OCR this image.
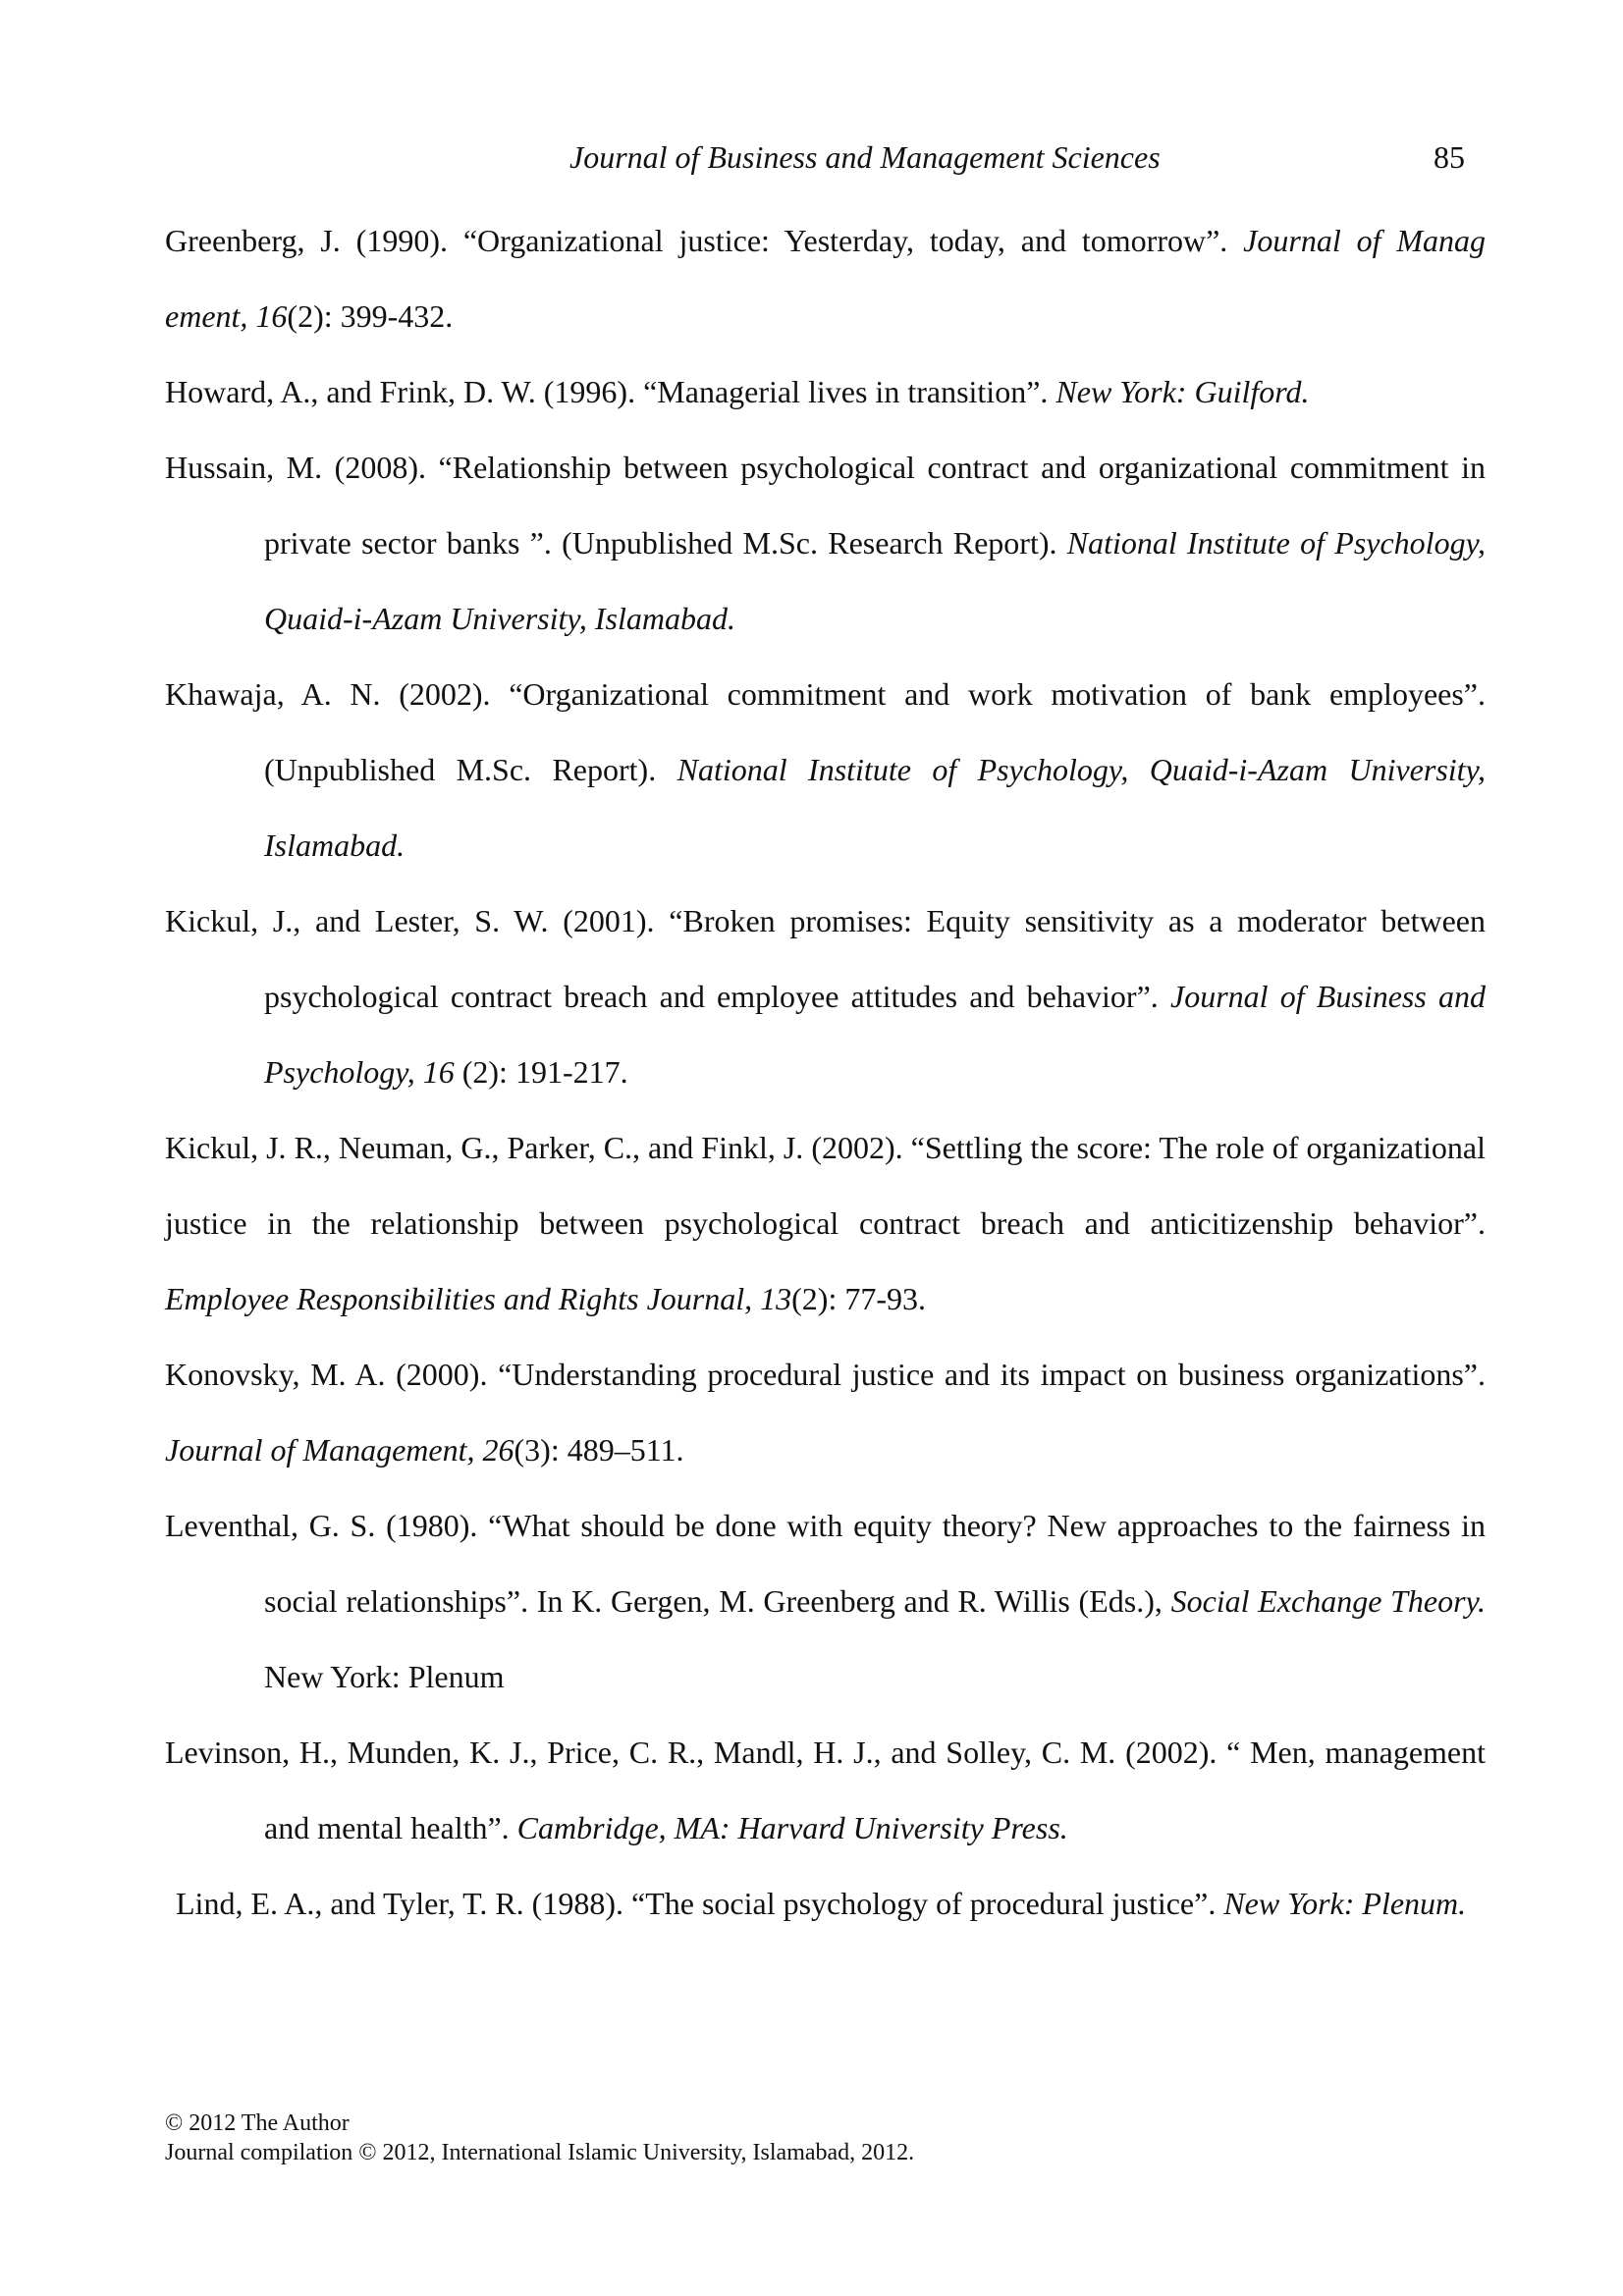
Journal of Business and Management Sciences	85

Greenberg, J. (1990). “Organizational justice: Yesterday, today, and tomorrow”. Journal of Manag ement, 16(2): 399-432.

Howard, A., and Frink, D. W. (1996). “Managerial lives in transition”. New York: Guilford.

Hussain, M. (2008). “Relationship between psychological contract and organizational commitment in private sector banks ”. (Unpublished M.Sc. Research Report). National Institute of Psychology, Quaid-i-Azam University, Islamabad.

Khawaja, A. N. (2002). “Organizational commitment and work motivation of bank employees”. (Unpublished M.Sc. Report). National Institute of Psychology, Quaid-i-Azam University, Islamabad.

Kickul, J., and Lester, S. W. (2001). “Broken promises: Equity sensitivity as a moderator between psychological contract breach and employee attitudes and behavior”. Journal of Business and Psychology, 16 (2): 191-217.

Kickul, J. R., Neuman, G., Parker, C., and Finkl, J. (2002). “Settling the score: The role of organizational justice in the relationship between psychological contract breach and anticitizenship behavior”. Employee Responsibilities and Rights Journal, 13(2): 77-93.

Konovsky, M. A. (2000). “Understanding procedural justice and its impact on business organizations”. Journal of Management, 26(3): 489–511.

Leventhal, G. S. (1980). “What should be done with equity theory? New approaches to the fairness in social relationships”. In K. Gergen, M. Greenberg and R. Willis (Eds.), Social Exchange Theory. New York: Plenum

Levinson, H., Munden, K. J., Price, C. R., Mandl, H. J., and Solley, C. M. (2002). “ Men, management and mental health”. Cambridge, MA: Harvard University Press.

Lind, E. A., and Tyler, T. R. (1988). “The social psychology of procedural justice”. New York: Plenum.

© 2012 The Author
Journal compilation © 2012, International Islamic University, Islamabad, 2012.
